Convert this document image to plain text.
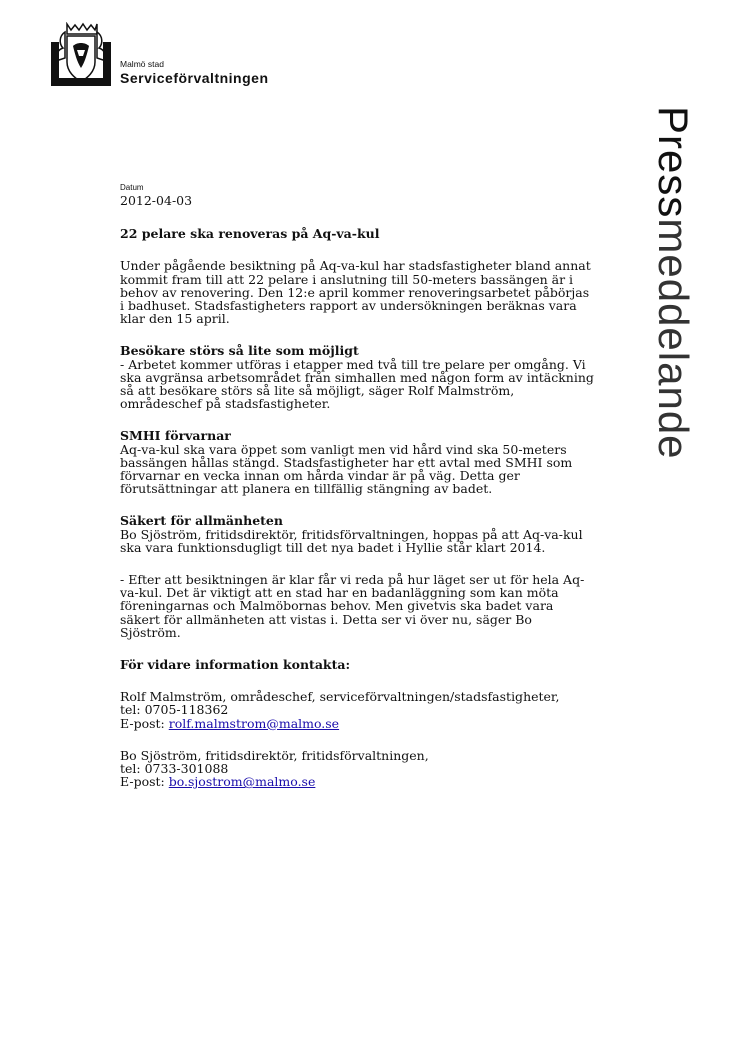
Malmö stad
Serviceförvaltningen
Pressmeddelande
Datum
2012-04-03
22 pelare ska renoveras på Aq-va-kul

Under pågående besiktning på Aq-va-kul har stadsfastigheter bland annat kommit fram till att 22 pelare i anslutning till 50-meters bassängen är i behov av renovering. Den 12:e april kommer renoveringsarbetet påbörjas i badhuset. Stadsfastigheters rapport av undersökningen beräknas vara klar den 15 april.

Besökare störs så lite som möjligt

- Arbetet kommer utföras i etapper med två till tre pelare per omgång. Vi ska avgränsa arbetsområdet från simhallen med någon form av intäckning så att besökare störs så lite så möjligt, säger Rolf Malmström, områdeschef på stadsfastigheter.

SMHI förvarnar

Aq-va-kul ska vara öppet som vanligt men vid hård vind ska 50-meters bassängen hållas stängd. Stadsfastigheter har ett avtal med SMHI som förvarnar en vecka innan om hårda vindar är på väg. Detta ger förutsättningar att planera en tillfällig stängning av badet.

Säkert för allmänheten

Bo Sjöström, fritidsdirektör, fritidsförvaltningen, hoppas på att Aq-va-kul ska vara funktionsdugligt till det nya badet i Hyllie står klart 2014.

- Efter att besiktningen är klar får vi reda på hur läget ser ut för hela Aq-va-kul. Det är viktigt att en stad har en badanläggning som kan möta föreningarnas och Malmöbornas behov. Men givetvis ska badet vara säkert för allmänheten att vistas i. Detta ser vi över nu, säger Bo Sjöström.

För vidare information kontakta:
Rolf Malmström, områdeschef, serviceförvaltningen/stadsfastigheter,
tel: 0705-118362
E-post: rolf.malmstrom@malmo.se
Bo Sjöström, fritidsdirektör, fritidsförvaltningen,
tel: 0733-301088
E-post: bo.sjostrom@malmo.se
